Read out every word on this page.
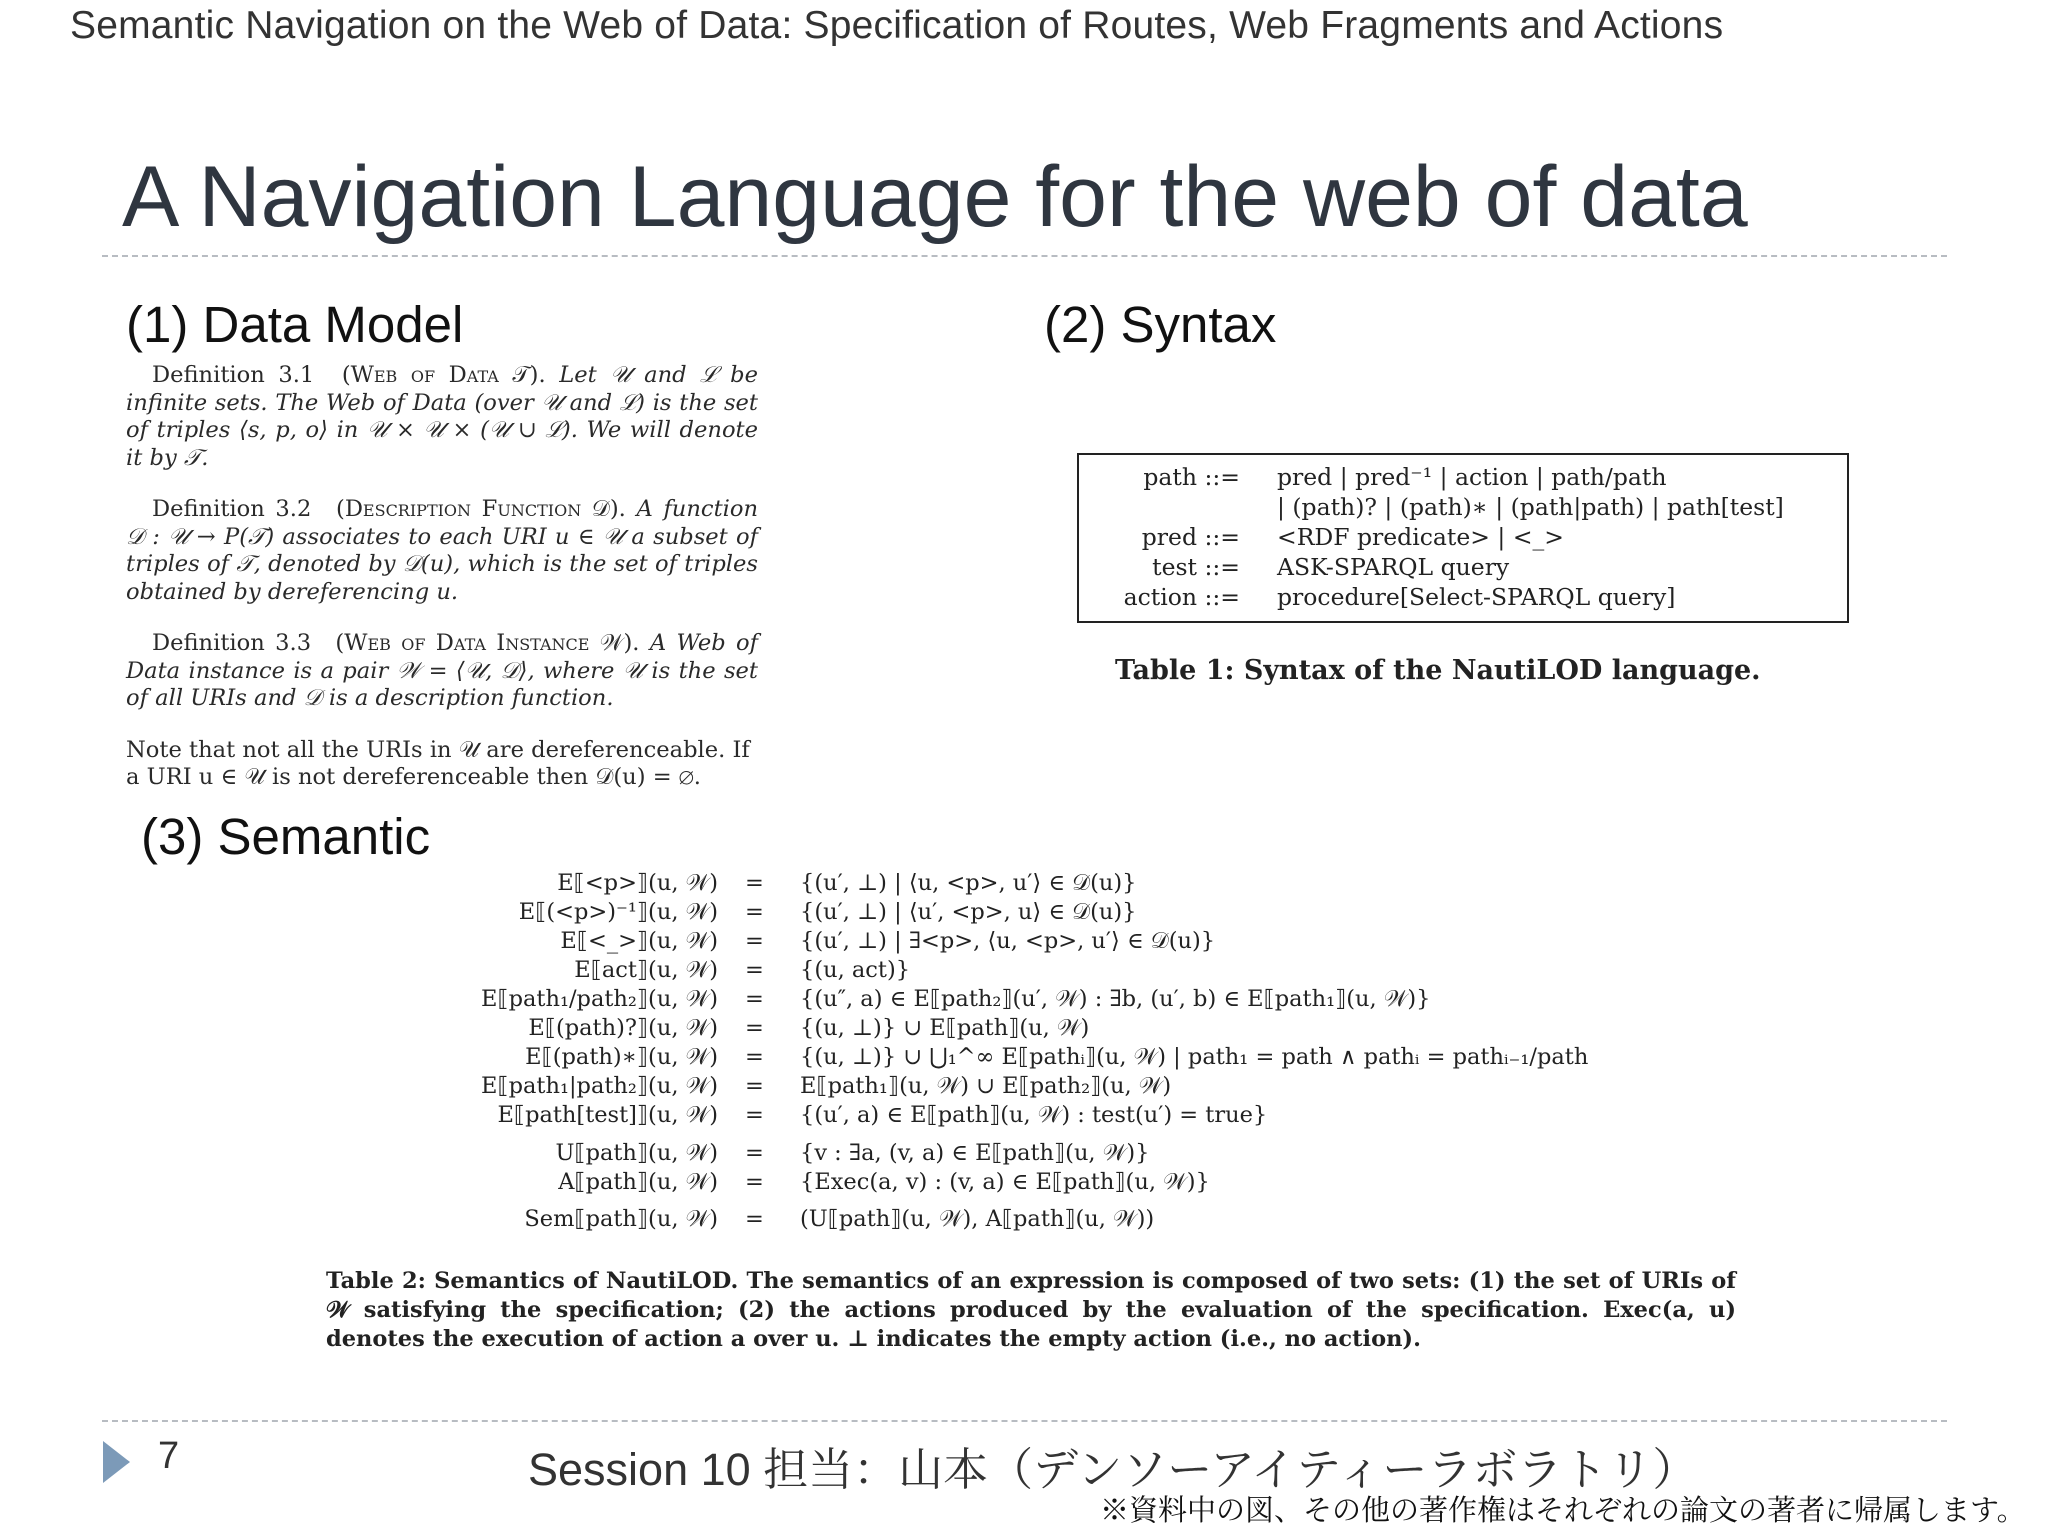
Semantic Navigation on the Web of Data: Specification of Routes, Web Fragments and Actions
A Navigation Language for the web of data
(1) Data Model	(2) Syntax
Definition 3.1 (Web of Data 𝒯). Let 𝒰 and ℒ be infinite sets. The Web of Data (over 𝒰 and ℒ) is the set of triples ⟨s, p, o⟩ in 𝒰 × 𝒰 × (𝒰 ∪ ℒ). We will denote it by 𝒯.
Definition 3.2 (Description Function 𝒟). A function 𝒟 : 𝒰 → P(𝒯) associates to each URI u ∈ 𝒰 a subset of triples of 𝒯, denoted by 𝒟(u), which is the set of triples obtained by dereferencing u.
Definition 3.3 (Web of Data Instance 𝒲). A Web of Data instance is a pair 𝒲 = ⟨𝒰, 𝒟⟩, where 𝒰 is the set of all URIs and 𝒟 is a description function.
Note that not all the URIs in 𝒰 are dereferenceable. If a URI u ∈ 𝒰 is not dereferenceable then 𝒟(u) = ∅.
path ::= pred | pred⁻¹ | action | path/path
| (path)? | (path)∗ | (path|path) | path[test]
pred ::= <RDF predicate> | <_>
test ::= ASK-SPARQL query
action ::= procedure[Select-SPARQL query]
Table 1: Syntax of the NautiLOD language.
(3) Semantic
E⟦<p>⟧(u, 𝒲) = {(u′, ⊥) | ⟨u, <p>, u′⟩ ∈ 𝒟(u)}
E⟦(<p>)⁻¹⟧(u, 𝒲) = {(u′, ⊥) | ⟨u′, <p>, u⟩ ∈ 𝒟(u)}
E⟦<_>⟧(u, 𝒲) = {(u′, ⊥) | ∃<p>, ⟨u, <p>, u′⟩ ∈ 𝒟(u)}
E⟦act⟧(u, 𝒲) = {(u, act)}
E⟦path₁/path₂⟧(u, 𝒲) = {(u″, a) ∈ E⟦path₂⟧(u′, 𝒲) : ∃b, (u′, b) ∈ E⟦path₁⟧(u, 𝒲)}
E⟦(path)?⟧(u, 𝒲) = {(u, ⊥)} ∪ E⟦path⟧(u, 𝒲)
E⟦(path)∗⟧(u, 𝒲) = {(u, ⊥)} ∪ ⋃₁^∞ E⟦pathᵢ⟧(u, 𝒲) | path₁ = path ∧ pathᵢ = pathᵢ₋₁/path
E⟦path₁|path₂⟧(u, 𝒲) = E⟦path₁⟧(u, 𝒲) ∪ E⟦path₂⟧(u, 𝒲)
E⟦path[test]⟧(u, 𝒲) = {(u′, a) ∈ E⟦path⟧(u, 𝒲) : test(u′) = true}
U⟦path⟧(u, 𝒲) = {v : ∃a, (v, a) ∈ E⟦path⟧(u, 𝒲)}
A⟦path⟧(u, 𝒲) = {Exec(a, v) : (v, a) ∈ E⟦path⟧(u, 𝒲)}
Sem⟦path⟧(u, 𝒲) = (U⟦path⟧(u, 𝒲), A⟦path⟧(u, 𝒲))
Table 2: Semantics of NautiLOD. The semantics of an expression is composed of two sets: (1) the set of URIs of 𝒲 satisfying the specification; (2) the actions produced by the evaluation of the specification. Exec(a, u) denotes the execution of action a over u. ⊥ indicates the empty action (i.e., no action).
7	Session 10 担当：山本（デンソーアイティーラボラトリ）
※資料中の図、その他の著作権はそれぞれの論文の著者に帰属します。
